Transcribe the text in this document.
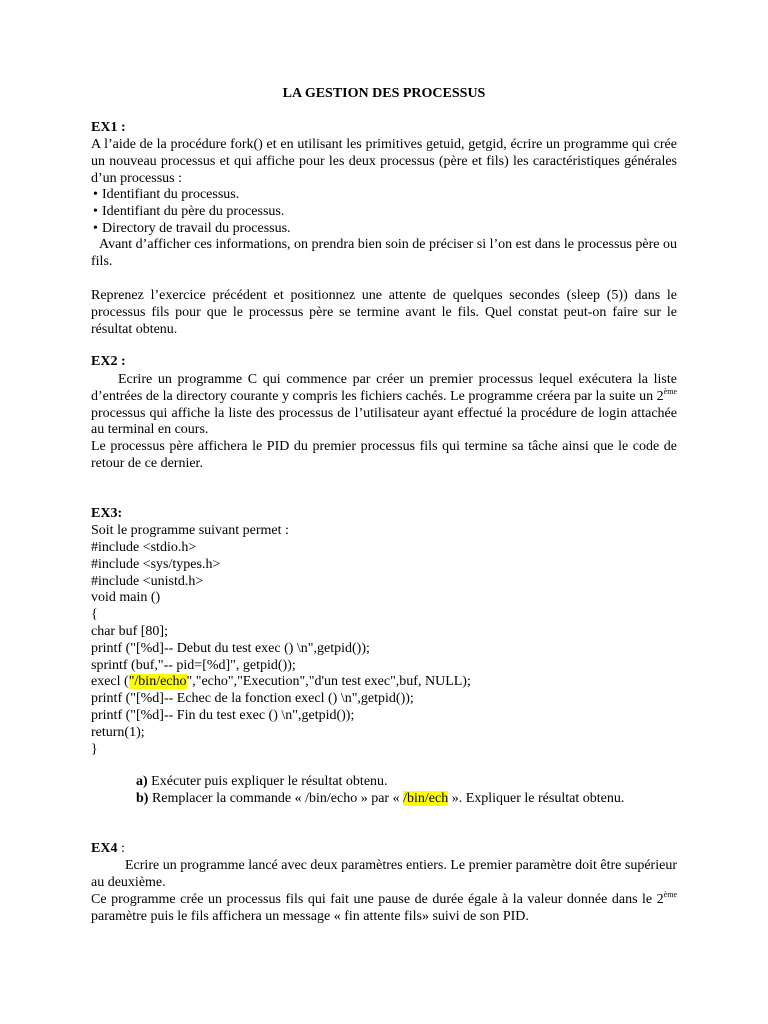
LA GESTION DES PROCESSUS
EX1 :

A l’aide de la procédure fork() et en utilisant les primitives getuid, getgid, écrire un programme qui crée un nouveau processus et qui affiche pour les deux processus (père et fils) les caractéristiques générales d’un processus :

• Identifiant du processus.
• Identifiant du père du processus.
• Directory de travail du processus.

Avant d’afficher ces informations, on prendra bien soin de préciser si l’on est dans le processus père ou fils.

Reprenez l’exercice précédent et positionnez une attente de quelques secondes (sleep (5)) dans le processus fils pour que le processus père se termine avant le fils. Quel constat peut-on faire sur le résultat obtenu.

EX2 :

Ecrire un programme C qui commence par créer un premier processus lequel exécutera la liste d’entrées de la directory courante y compris les fichiers cachés. Le programme créera par la suite un 2ème processus qui affiche la liste des processus de l’utilisateur ayant effectué la procédure de login attachée au terminal en cours.

Le processus père affichera le PID du premier processus fils qui termine sa tâche ainsi que le code de retour de ce dernier.

EX3:
Soit le programme suivant permet :
#include <stdio.h>
#include <sys/types.h>
#include <unistd.h>
void main ()
{
char buf [80];
printf ("[%d]-- Debut du test exec () \n",getpid());
sprintf (buf,"-- pid=[%d]", getpid());
execl ("/bin/echo","echo","Execution","d'un test exec",buf, NULL);
printf ("[%d]-- Echec de la fonction execl () \n",getpid());
printf ("[%d]-- Fin du test exec () \n",getpid());
return(1);
}
a) Exécuter puis expliquer le résultat obtenu.

b) Remplacer la commande « /bin/echo » par « /bin/ech ». Expliquer le résultat obtenu.

EX4 :

Ecrire un programme lancé avec deux paramètres entiers. Le premier paramètre doit être supérieur au deuxième.

Ce programme crée un processus fils qui fait une pause de durée égale à la valeur donnée dans le 2ème paramètre puis le fils affichera un message « fin attente fils» suivi de son PID.
